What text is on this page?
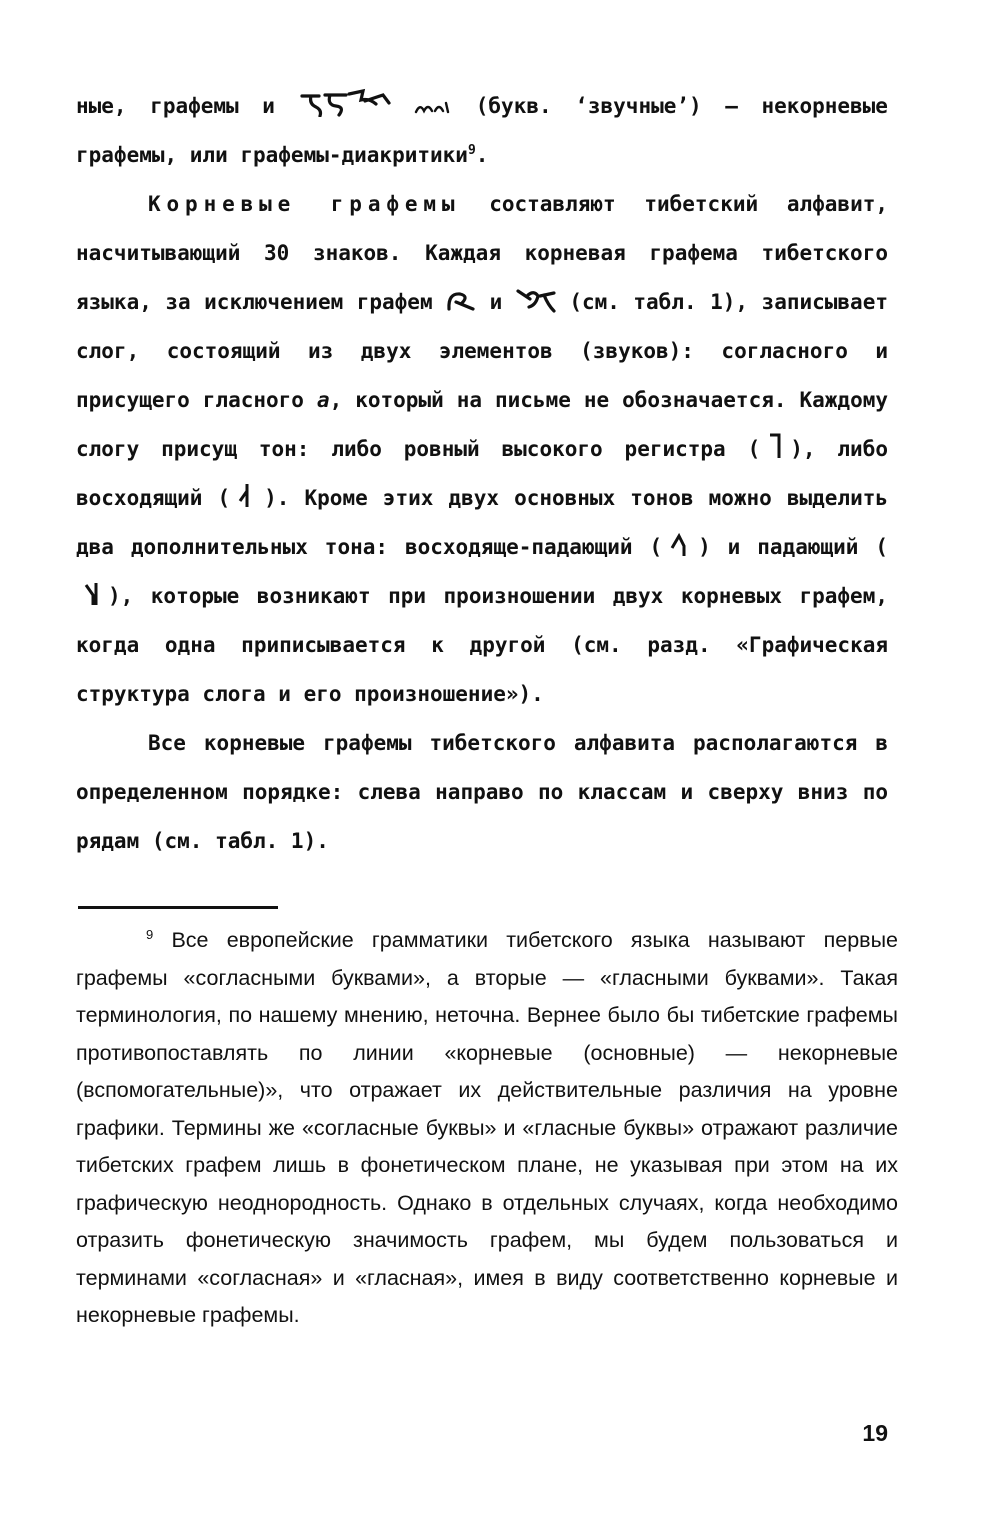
ные, графемы и	(букв. ‘звучные’) — некорневые графемы, или графемы-диакритики$^9$.

Корневые графемы составляют тибетский алфавит, насчитывающий 30 знаков. Каждая корневая графема тибетского языка, за исключением графем	и	(см. табл. 1), записывает слог, состоящий из двух элементов (звуков): согласного и присущего гласного a, который на письме не обозначается. Каждому слогу присущ тон: либо ровный высокого регистра ( ), либо восходящий ( ). Кроме этих двух основных тонов можно выделить два дополнительных тона: восходяще-падающий ( ) и падающий (), которые возникают при произношении двух корневых графем, когда одна приписывается к другой (см. разд. «Графическая структура слога и его произношение»).

Все корневые графемы тибетского алфавита располагаются в определенном порядке: слева направо по классам и сверху вниз по рядам (см. табл. 1).

$^9$ Все европейские грамматики тибетского языка называют первые графемы «согласными буквами», а вторые — «гласными буквами». Такая терминология, по нашему мнению, неточна. Вернее было бы тибетские графемы противопоставлять по линии «корневые (основные) — некорневые (вспомогательные)», что отражает их действительные различия на уровне графики. Термины же «согласные буквы» и «гласные буквы» отражают различие тибетских графем лишь в фонетическом плане, не указывая при этом на их графическую неоднородность. Однако в отдельных случаях, когда необходимо отразить фонетическую значимость графем, мы будем пользоваться и терминами «согласная» и «гласная», имея в виду соответственно корневые и некорневые графемы.

19
